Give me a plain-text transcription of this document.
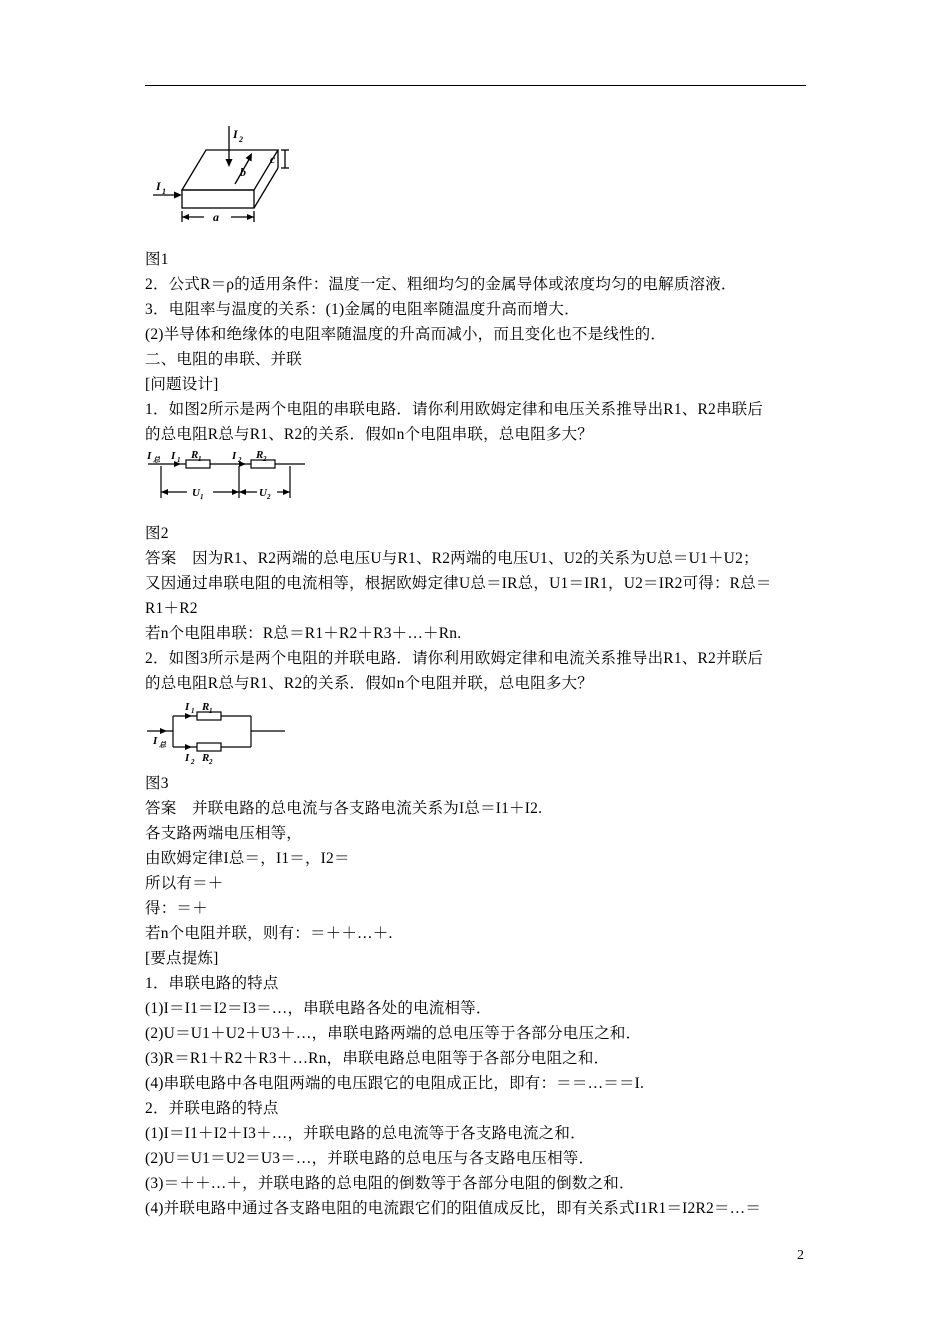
I 2
I 1
b
c
a
I 总 I 1 R 1	I 2 R 2
U 1	U 2
I 1 R 1
I 总
I 2 R 2
图1
2．公式R＝ρ的适用条件：温度一定、粗细均匀的金属导体或浓度均匀的电解质溶液．
3．电阻率与温度的关系：(1)金属的电阻率随温度升高而增大．
(2)半导体和绝缘体的电阻率随温度的升高而减小，而且变化也不是线性的．
二、电阻的串联、并联
[问题设计]
1．如图2所示是两个电阻的串联电路．请你利用欧姆定律和电压关系推导出R1、R2串联后
的总电阻R总与R1、R2的关系．假如n个电阻串联，总电阻多大？
图2
答案　因为R1、R2两端的总电压U与R1、R2两端的电压U1、U2的关系为U总＝U1＋U2；
又因通过串联电阻的电流相等，根据欧姆定律U总＝IR总，U1＝IR1，U2＝IR2可得：R总＝
R1＋R2
若n个电阻串联：R总＝R1＋R2＋R3＋…＋Rn.
2．如图3所示是两个电阻的并联电路．请你利用欧姆定律和电流关系推导出R1、R2并联后
的总电阻R总与R1、R2的关系．假如n个电阻并联，总电阻多大？
图3
答案　并联电路的总电流与各支路电流关系为I总＝I1＋I2.
各支路两端电压相等，
由欧姆定律I总＝，I1＝，I2＝
所以有＝＋
得：＝＋
若n个电阻并联，则有：＝＋＋…＋.
[要点提炼]
1．串联电路的特点
(1)I＝I1＝I2＝I3＝…，串联电路各处的电流相等．
(2)U＝U1＋U2＋U3＋…，串联电路两端的总电压等于各部分电压之和．
(3)R＝R1＋R2＋R3＋…Rn，串联电路总电阻等于各部分电阻之和．
(4)串联电路中各电阻两端的电压跟它的电阻成正比，即有：＝＝…＝＝I.
2．并联电路的特点
(1)I＝I1＋I2＋I3＋…，并联电路的总电流等于各支路电流之和．
(2)U＝U1＝U2＝U3＝…，并联电路的总电压与各支路电压相等．
(3)＝＋＋…＋，并联电路的总电阻的倒数等于各部分电阻的倒数之和．
(4)并联电路中通过各支路电阻的电流跟它们的阻值成反比，即有关系式I1R1＝I2R2＝…＝
2
